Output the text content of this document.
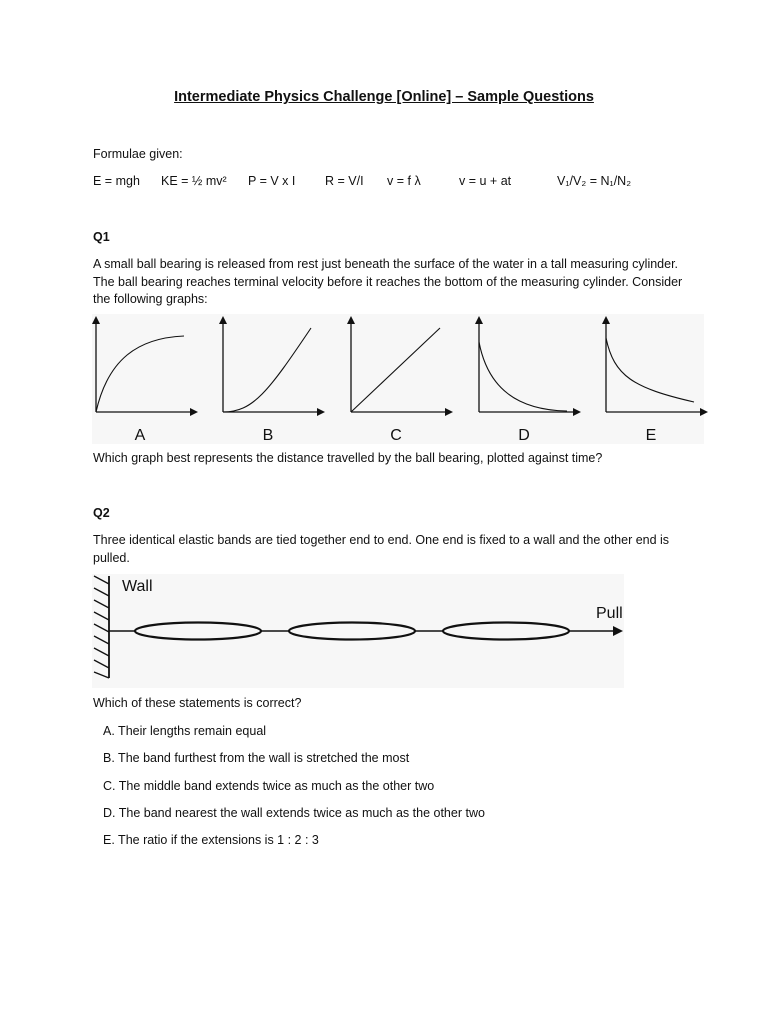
Intermediate Physics Challenge [Online] – Sample Questions
Formulae given:
E = mgh KE = ½ mv² P = V x I R = V/I v = f λ	v = u + at	V₁/V₂ = N₁/N₂
Q1
A small ball bearing is released from rest just beneath the surface of the water in a tall measuring cylinder. The ball bearing reaches terminal velocity before it reaches the bottom of the measuring cylinder. Consider the following graphs:
A	B	C	D	E
Which graph best represents the distance travelled by the ball bearing, plotted against time?
Q2
Three identical elastic bands are tied together end to end. One end is fixed to a wall and the other end is pulled.
Wall
Pull
Which of these statements is correct?
A. Their lengths remain equal
B. The band furthest from the wall is stretched the most
C. The middle band extends twice as much as the other two
D. The band nearest the wall extends twice as much as the other two
E. The ratio if the extensions is 1 : 2 : 3
